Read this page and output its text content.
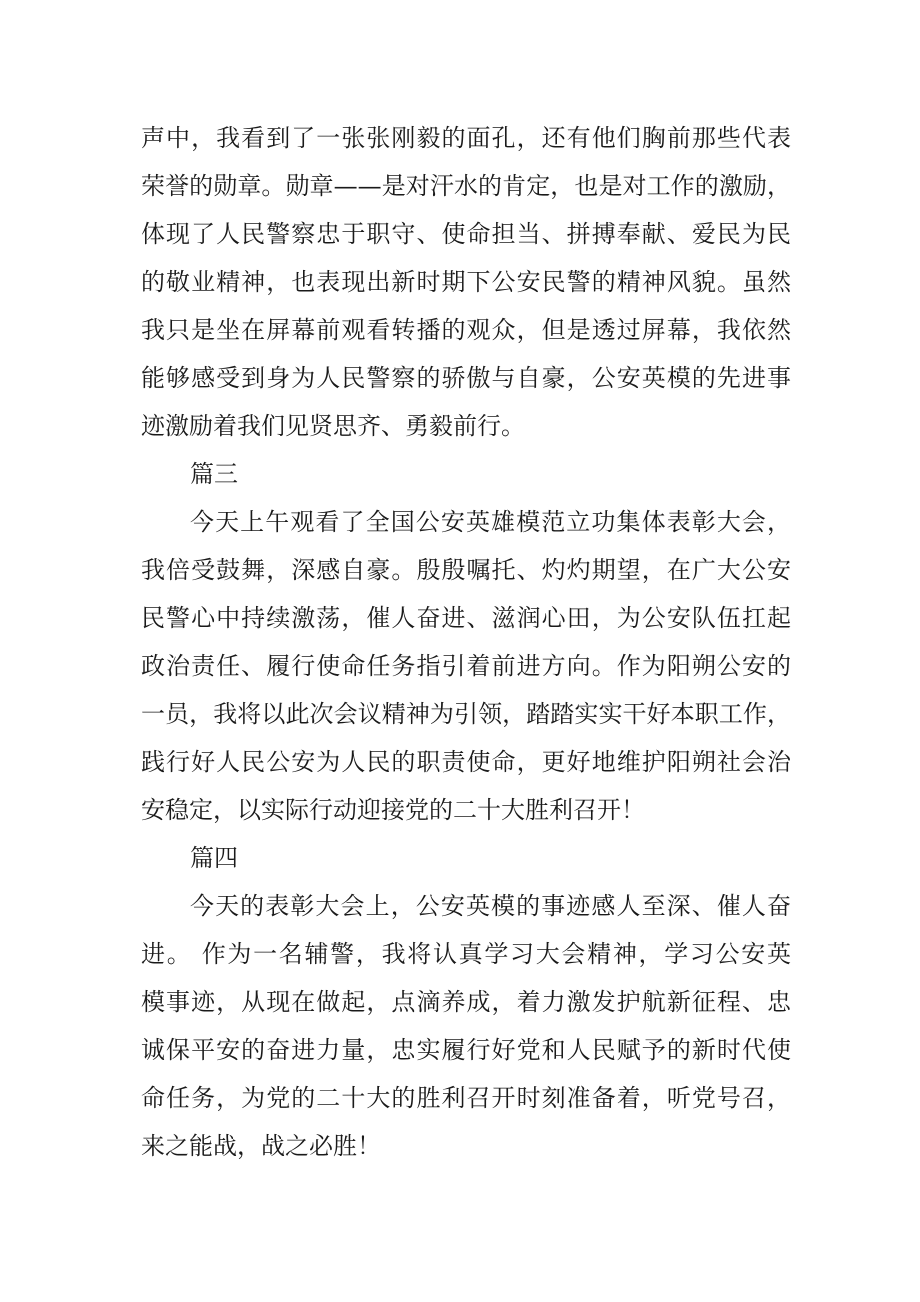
声中，我看到了一张张刚毅的面孔，还有他们胸前那些代表
荣誉的勋章。勋章——是对汗水的肯定，也是对工作的激励，
体现了人民警察忠于职守、使命担当、拼搏奉献、爱民为民
的敬业精神，也表现出新时期下公安民警的精神风貌。虽然
我只是坐在屏幕前观看转播的观众，但是透过屏幕，我依然
能够感受到身为人民警察的骄傲与自豪，公安英模的先进事
迹激励着我们见贤思齐、勇毅前行。
篇三
今天上午观看了全国公安英雄模范立功集体表彰大会，
我倍受鼓舞，深感自豪。殷殷嘱托、灼灼期望，在广大公安
民警心中持续激荡，催人奋进、滋润心田，为公安队伍扛起
政治责任、履行使命任务指引着前进方向。作为阳朔公安的
一员，我将以此次会议精神为引领，踏踏实实干好本职工作，
践行好人民公安为人民的职责使命，更好地维护阳朔社会治
安稳定，以实际行动迎接党的二十大胜利召开！
篇四
今天的表彰大会上，公安英模的事迹感人至深、催人奋
进。 作为一名辅警，我将认真学习大会精神，学习公安英
模事迹，从现在做起，点滴养成，着力激发护航新征程、忠
诚保平安的奋进力量，忠实履行好党和人民赋予的新时代使
命任务，为党的二十大的胜利召开时刻准备着，听党号召，
来之能战，战之必胜！
